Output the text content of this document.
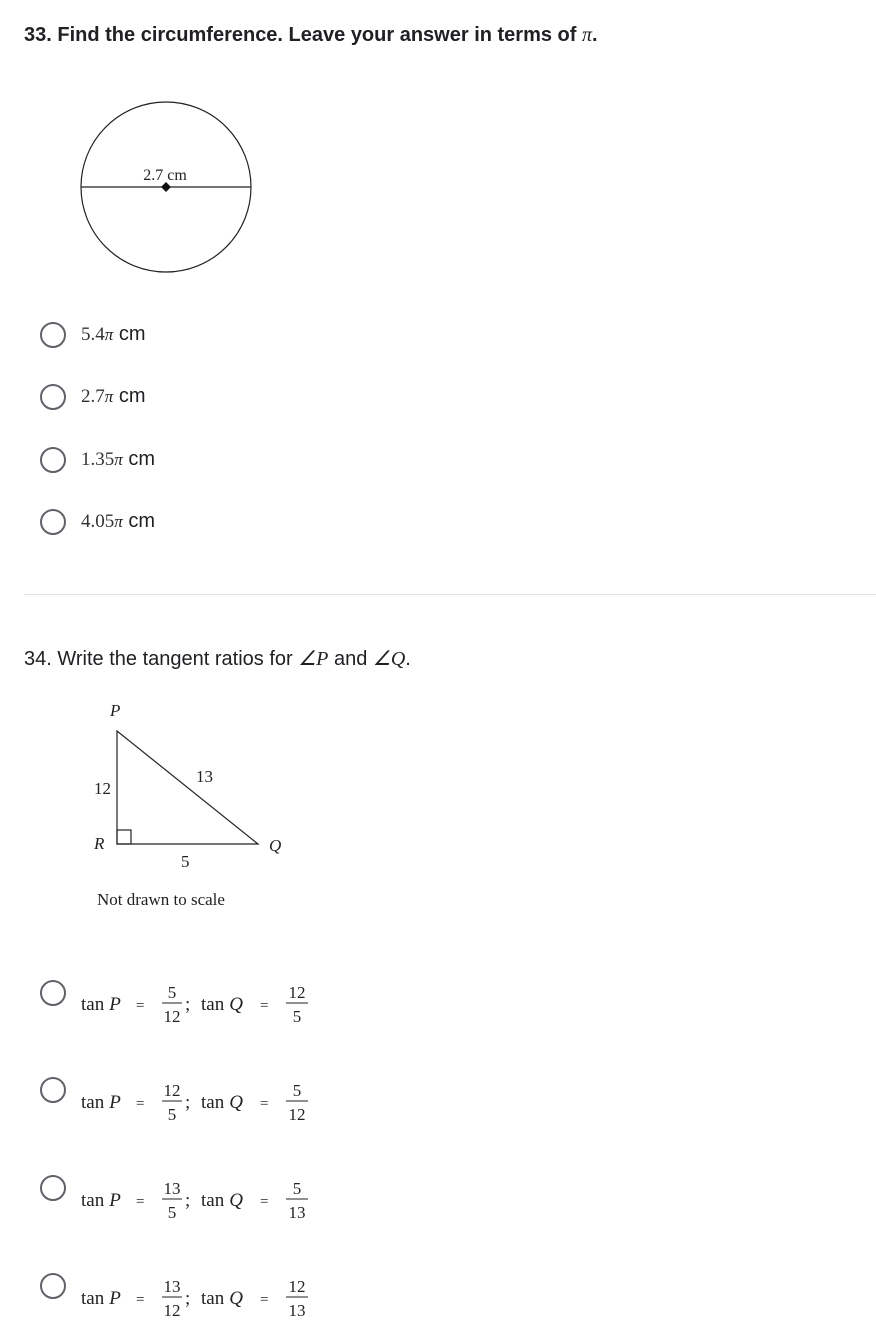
33. Find the circumference. Leave your answer in terms of π.
2.7 cm
5.4π cm
2.7π cm
1.35π cm
4.05π cm
34. Write the tangent ratios for ∠P and ∠Q.
P
R	Q
12
13
5
Not drawn to scale
tan P =
5
12
; tan Q =
12
5
tan P =
12
5
; tan Q =
5
12
tan P =
13
5
; tan Q =
5
13
tan P =
13
12
; tan Q =
12
13
